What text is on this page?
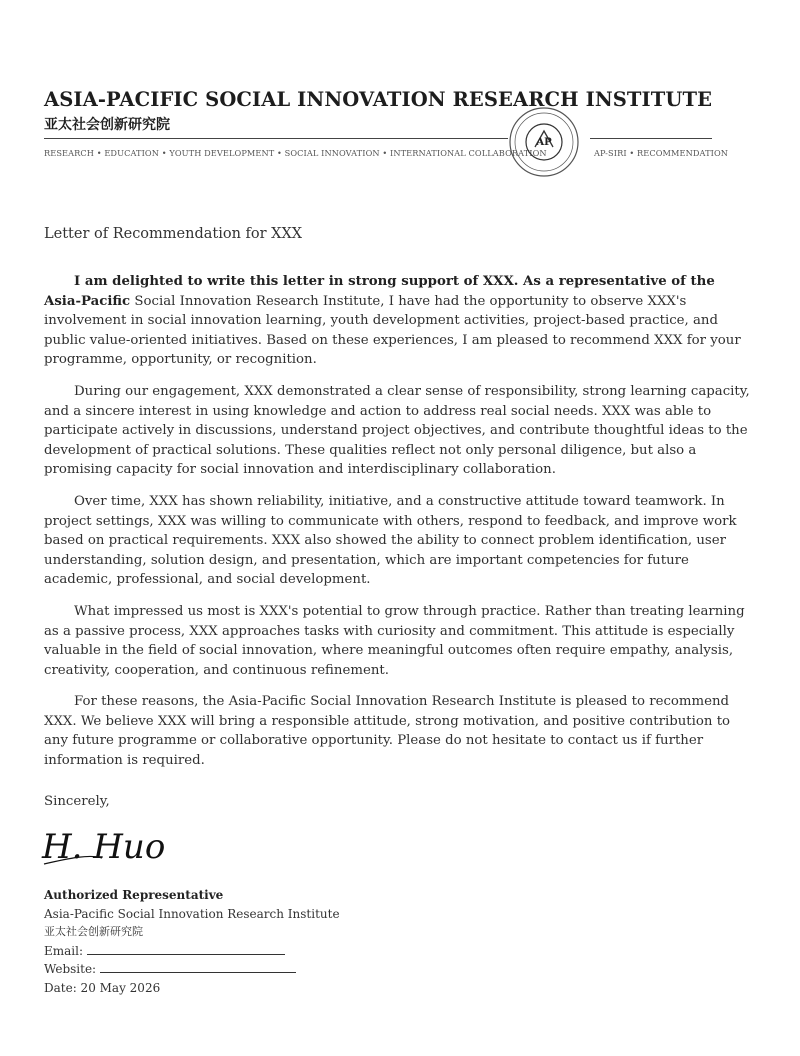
ASIA-PACIFIC SOCIAL INNOVATION RESEARCH INSTITUTE
亚太社会创新研究院
RESEARCH • EDUCATION • YOUTH DEVELOPMENT • SOCIAL INNOVATION • INTERNATIONAL COLLABORATION	AP-SIRI • RECOMMENDATION
AP
Letter of Recommendation for XXX

I am delighted to write this letter in strong support of XXX. As a representative of the Asia-Pacific Social Innovation Research Institute, I have had the opportunity to observe XXX's involvement in social innovation learning, youth development activities, project-based practice, and public value-oriented initiatives. Based on these experiences, I am pleased to recommend XXX for your programme, opportunity, or recognition.

During our engagement, XXX demonstrated a clear sense of responsibility, strong learning capacity, and a sincere interest in using knowledge and action to address real social needs. XXX was able to participate actively in discussions, understand project objectives, and contribute thoughtful ideas to the development of practical solutions. These qualities reflect not only personal diligence, but also a promising capacity for social innovation and interdisciplinary collaboration.

Over time, XXX has shown reliability, initiative, and a constructive attitude toward teamwork. In project settings, XXX was willing to communicate with others, respond to feedback, and improve work based on practical requirements. XXX also showed the ability to connect problem identification, user understanding, solution design, and presentation, which are important competencies for future academic, professional, and social development.

What impressed us most is XXX's potential to grow through practice. Rather than treating learning as a passive process, XXX approaches tasks with curiosity and commitment. This attitude is especially valuable in the field of social innovation, where meaningful outcomes often require empathy, analysis, creativity, cooperation, and continuous refinement.

For these reasons, the Asia-Pacific Social Innovation Research Institute is pleased to recommend XXX. We believe XXX will bring a responsible attitude, strong motivation, and positive contribution to any future programme or collaborative opportunity. Please do not hesitate to contact us if further information is required.

Sincerely,
H. Huo
Authorized Representative
Asia-Pacific Social Innovation Research Institute
亚太社会创新研究院
Email:
Website:
Date: 20 May 2026
